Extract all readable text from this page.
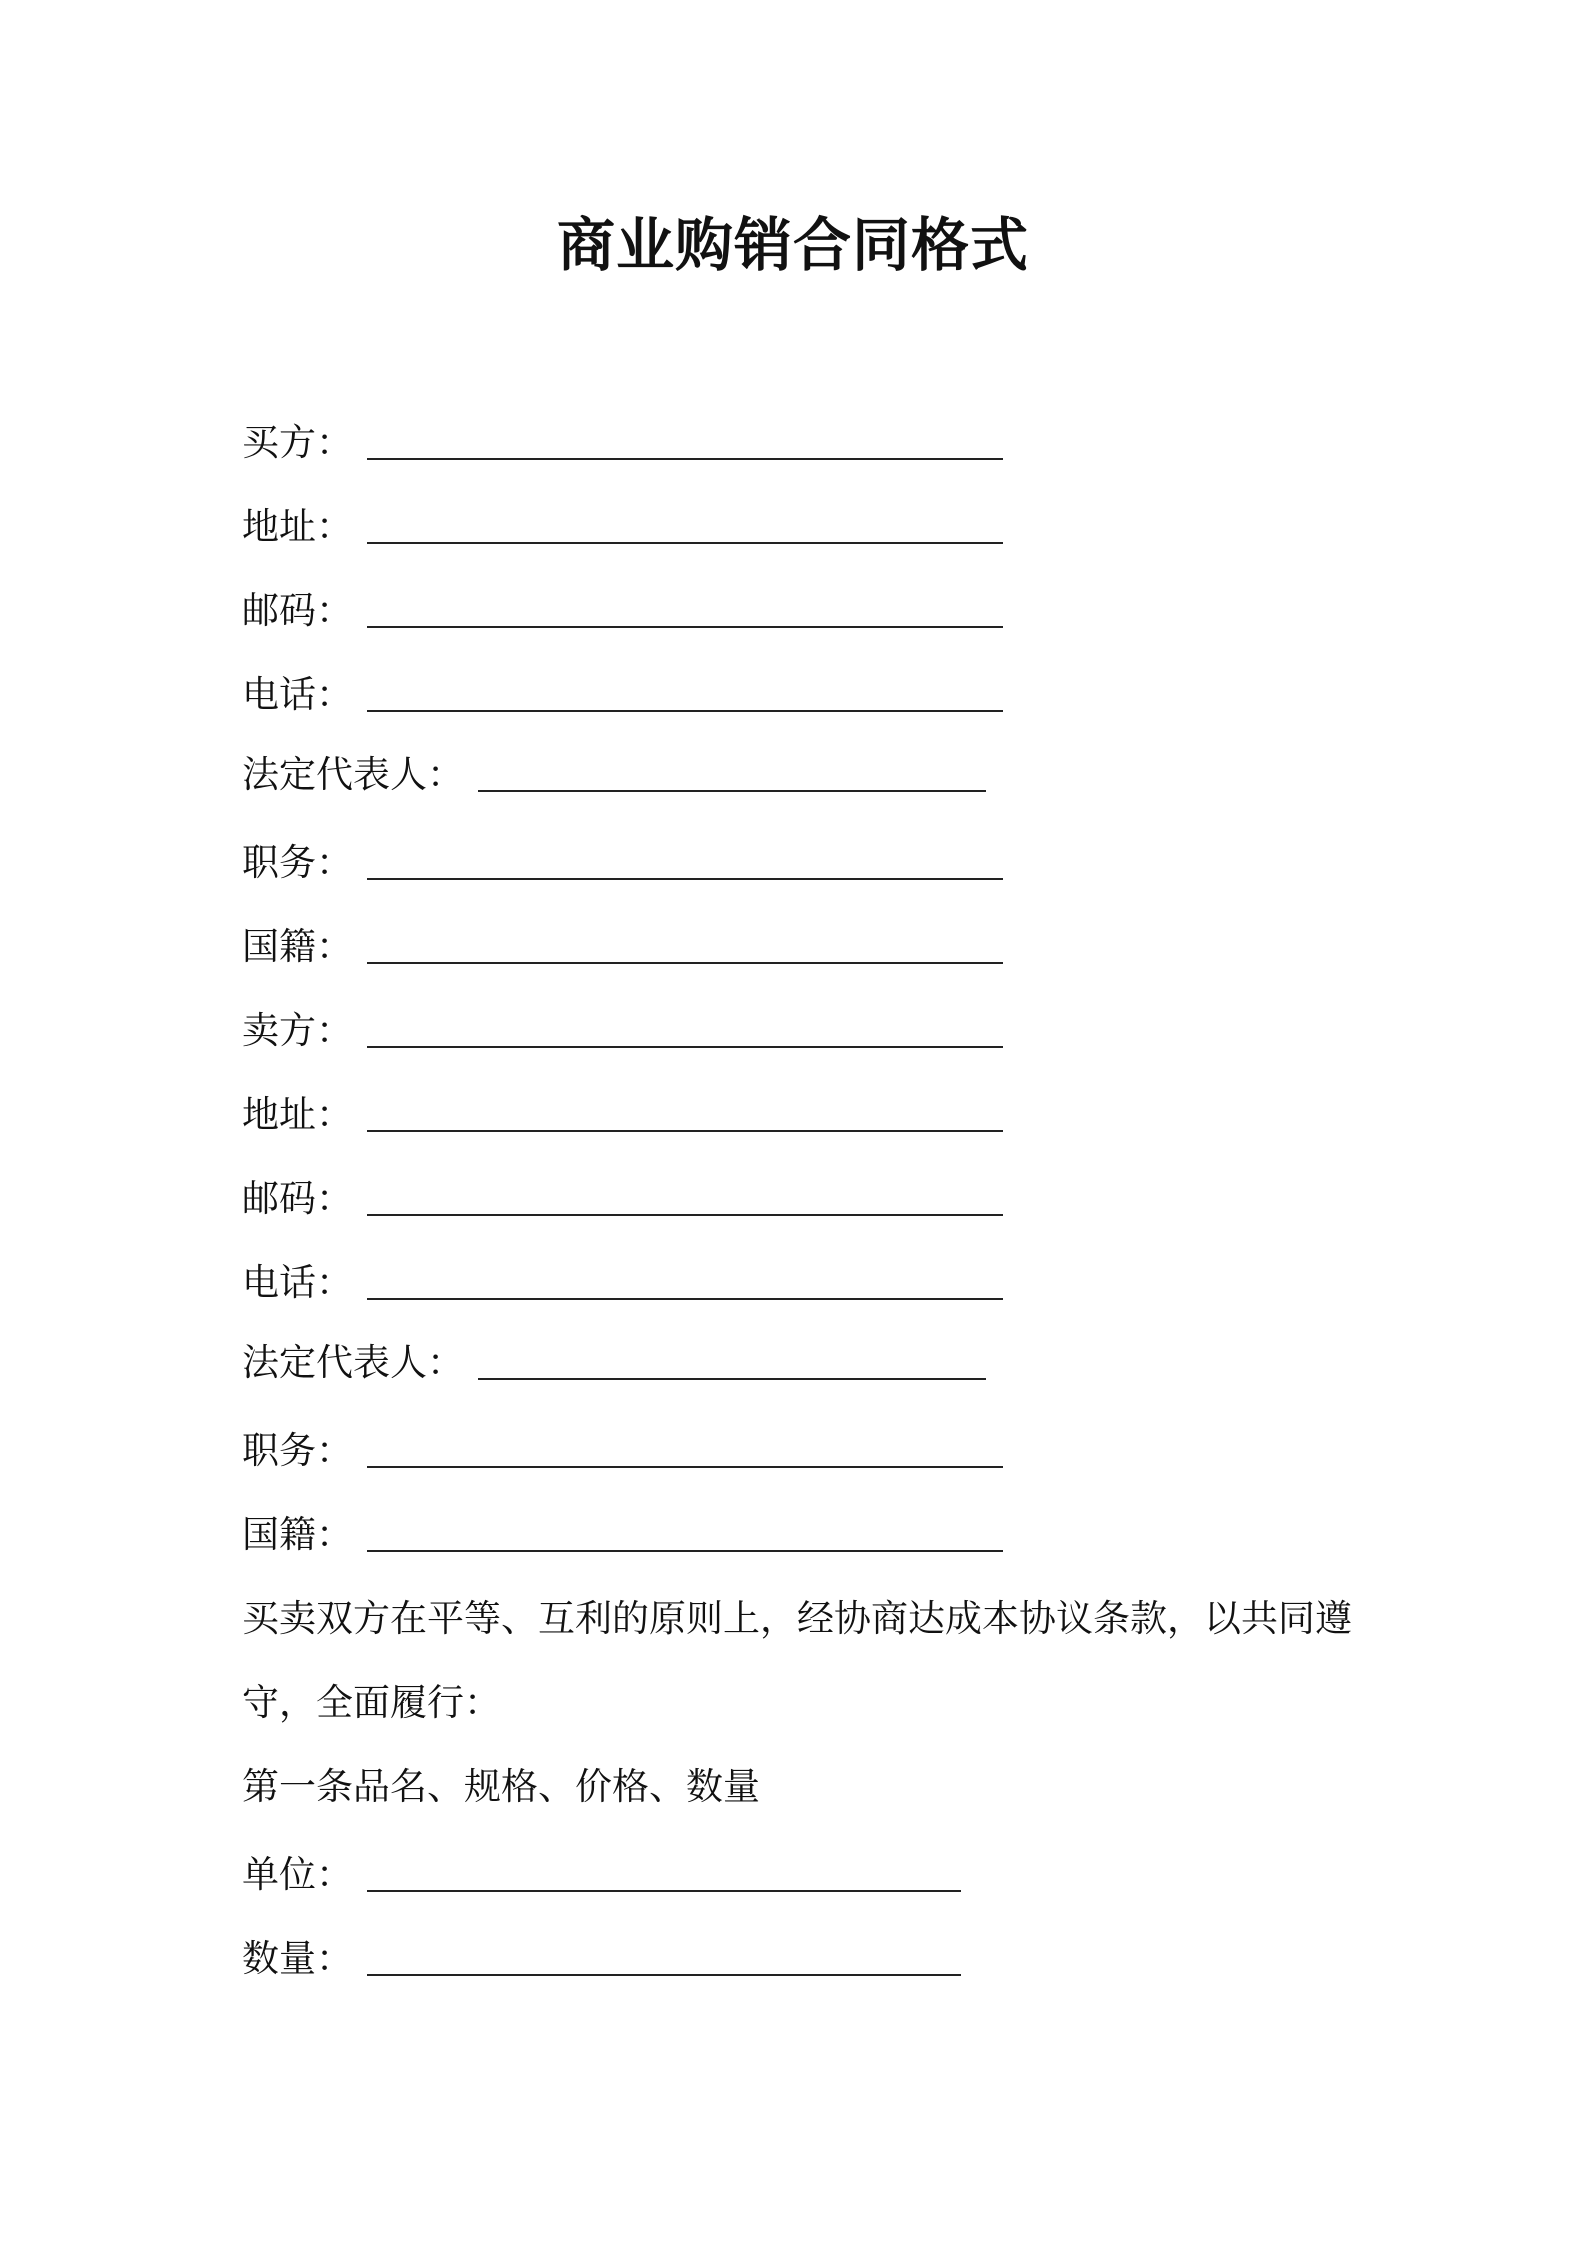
商业购销合同格式
买方：
地址：
邮码：
电话：
法定代表人：
职务：
国籍：
卖方：
地址：
邮码：
电话：
法定代表人：
职务：
国籍：
买卖双方在平等、互利的原则上，经协商达成本协议条款，以共同遵
守，全面履行：
第一条品名、规格、价格、数量
单位：
数量：
